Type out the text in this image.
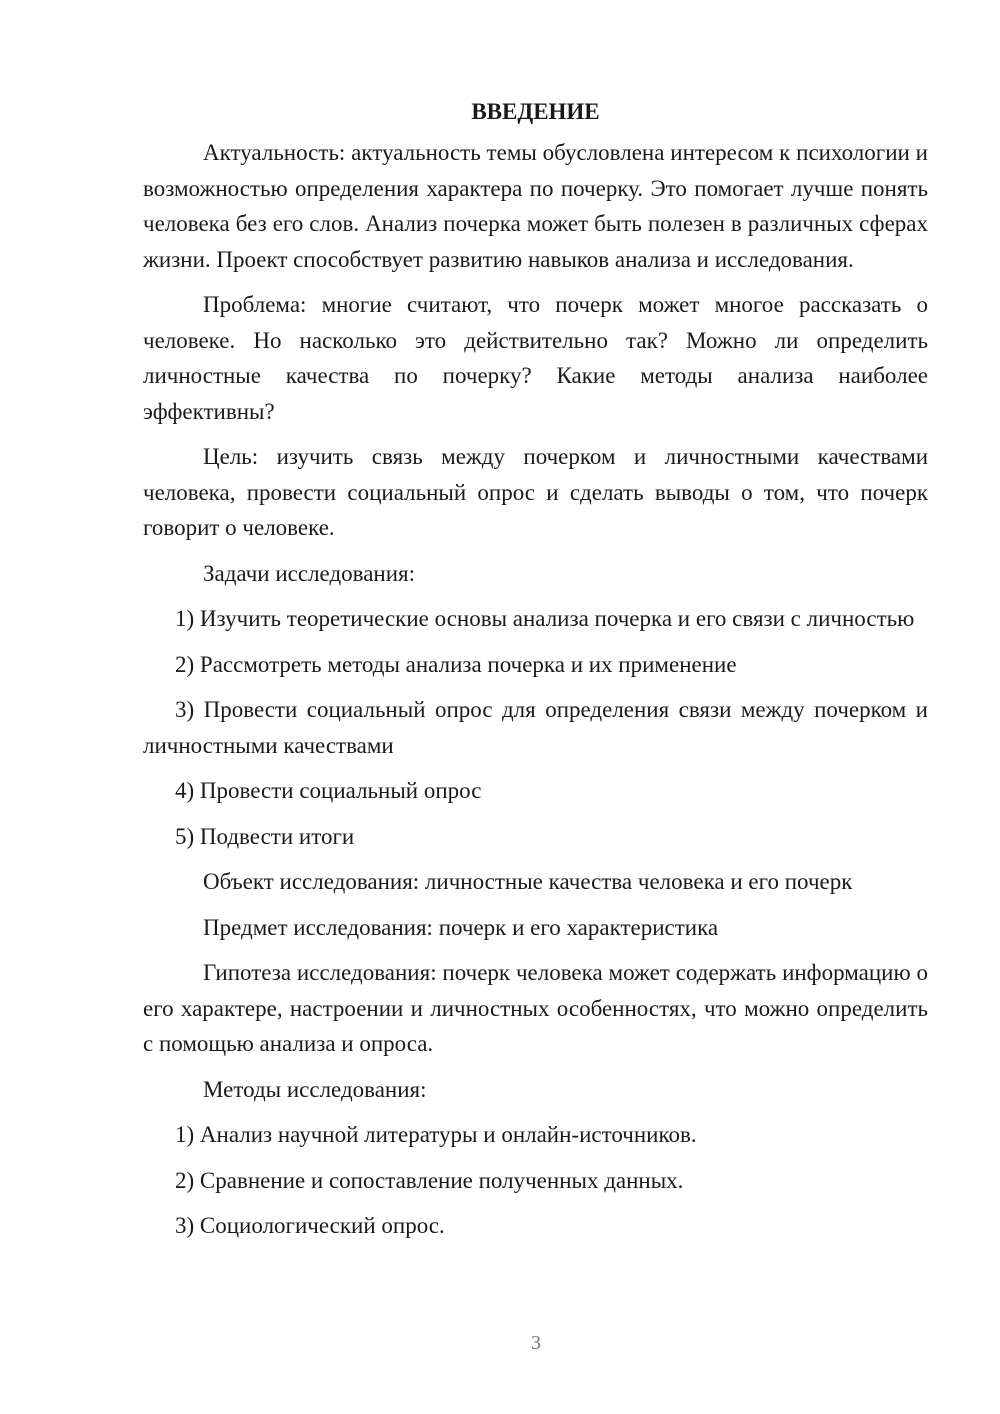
ВВЕДЕНИЕ

Актуальность: актуальность темы обусловлена интересом к психологии и возможностью определения характера по почерку. Это помогает лучше понять человека без его слов. Анализ почерка может быть полезен в различных сферах жизни. Проект способствует развитию навыков анализа и исследования.

Проблема: многие считают, что почерк может многое рассказать о человеке. Но насколько это действительно так? Можно ли определить личностные качества по почерку? Какие методы анализа наиболее эффективны?

Цель: изучить связь между почерком и личностными качествами человека, провести социальный опрос и сделать выводы о том, что почерк говорит о человеке.

Задачи исследования:

1) Изучить теоретические основы анализа почерка и его связи с личностью

2) Рассмотреть методы анализа почерка и их применение

3) Провести социальный опрос для определения связи между почерком и личностными качествами

4) Провести социальный опрос

5) Подвести итоги

Объект исследования: личностные качества человека и его почерк

Предмет исследования: почерк и его характеристика

Гипотеза исследования: почерк человека может содержать информацию о его характере, настроении и личностных особенностях, что можно определить с помощью анализа и опроса.

Методы исследования:

1) Анализ научной литературы и онлайн-источников.

2) Сравнение и сопоставление полученных данных.

3) Социологический опрос.

3
